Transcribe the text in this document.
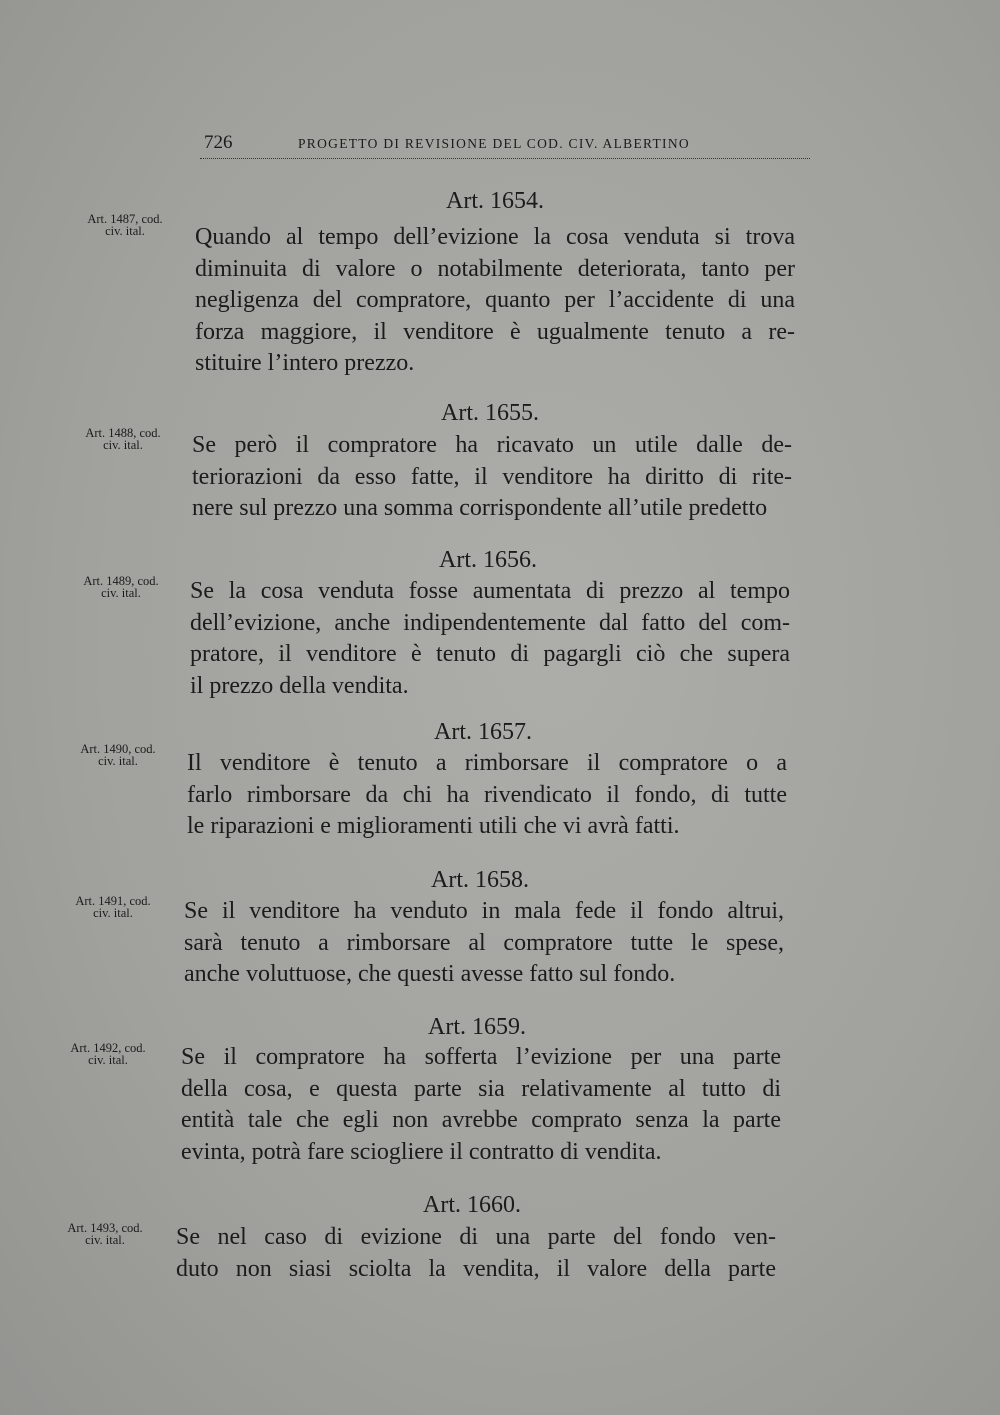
726	PROGETTO DI REVISIONE DEL COD. CIV. ALBERTINO
Art. 1487, cod.
civ. ital.
Art. 1654.
Quando al tempo dell’evizione la cosa venduta si trova
diminuita di valore o notabilmente deteriorata, tanto per
negligenza del compratore, quanto per l’accidente di una
forza maggiore, il venditore è ugualmente tenuto a re-
stituire l’intero prezzo.
Art. 1488, cod.
civ. ital.
Art. 1655.
Se però il compratore ha ricavato un utile dalle de-
teriorazioni da esso fatte, il venditore ha diritto di rite-
nere sul prezzo una somma corrispondente all’utile predetto
Art. 1489, cod.
civ. ital.
Art. 1656.
Se la cosa venduta fosse aumentata di prezzo al tempo
dell’evizione, anche indipendentemente dal fatto del com-
pratore, il venditore è tenuto di pagargli ciò che supera
il prezzo della vendita.
Art. 1490, cod.
civ. ital.
Art. 1657.
Il venditore è tenuto a rimborsare il compratore o a
farlo rimborsare da chi ha rivendicato il fondo, di tutte
le riparazioni e miglioramenti utili che vi avrà fatti.
Art. 1491, cod.
civ. ital.
Art. 1658.
Se il venditore ha venduto in mala fede il fondo altrui,
sarà tenuto a rimborsare al compratore tutte le spese,
anche voluttuose, che questi avesse fatto sul fondo.
Art. 1492, cod.
civ. ital.
Art. 1659.
Se il compratore ha sofferta l’evizione per una parte
della cosa, e questa parte sia relativamente al tutto di
entità tale che egli non avrebbe comprato senza la parte
evinta, potrà fare sciogliere il contratto di vendita.
Art. 1493, cod.
civ. ital.
Art. 1660.
Se nel caso di evizione di una parte del fondo ven-
duto non siasi sciolta la vendita, il valore della parte
